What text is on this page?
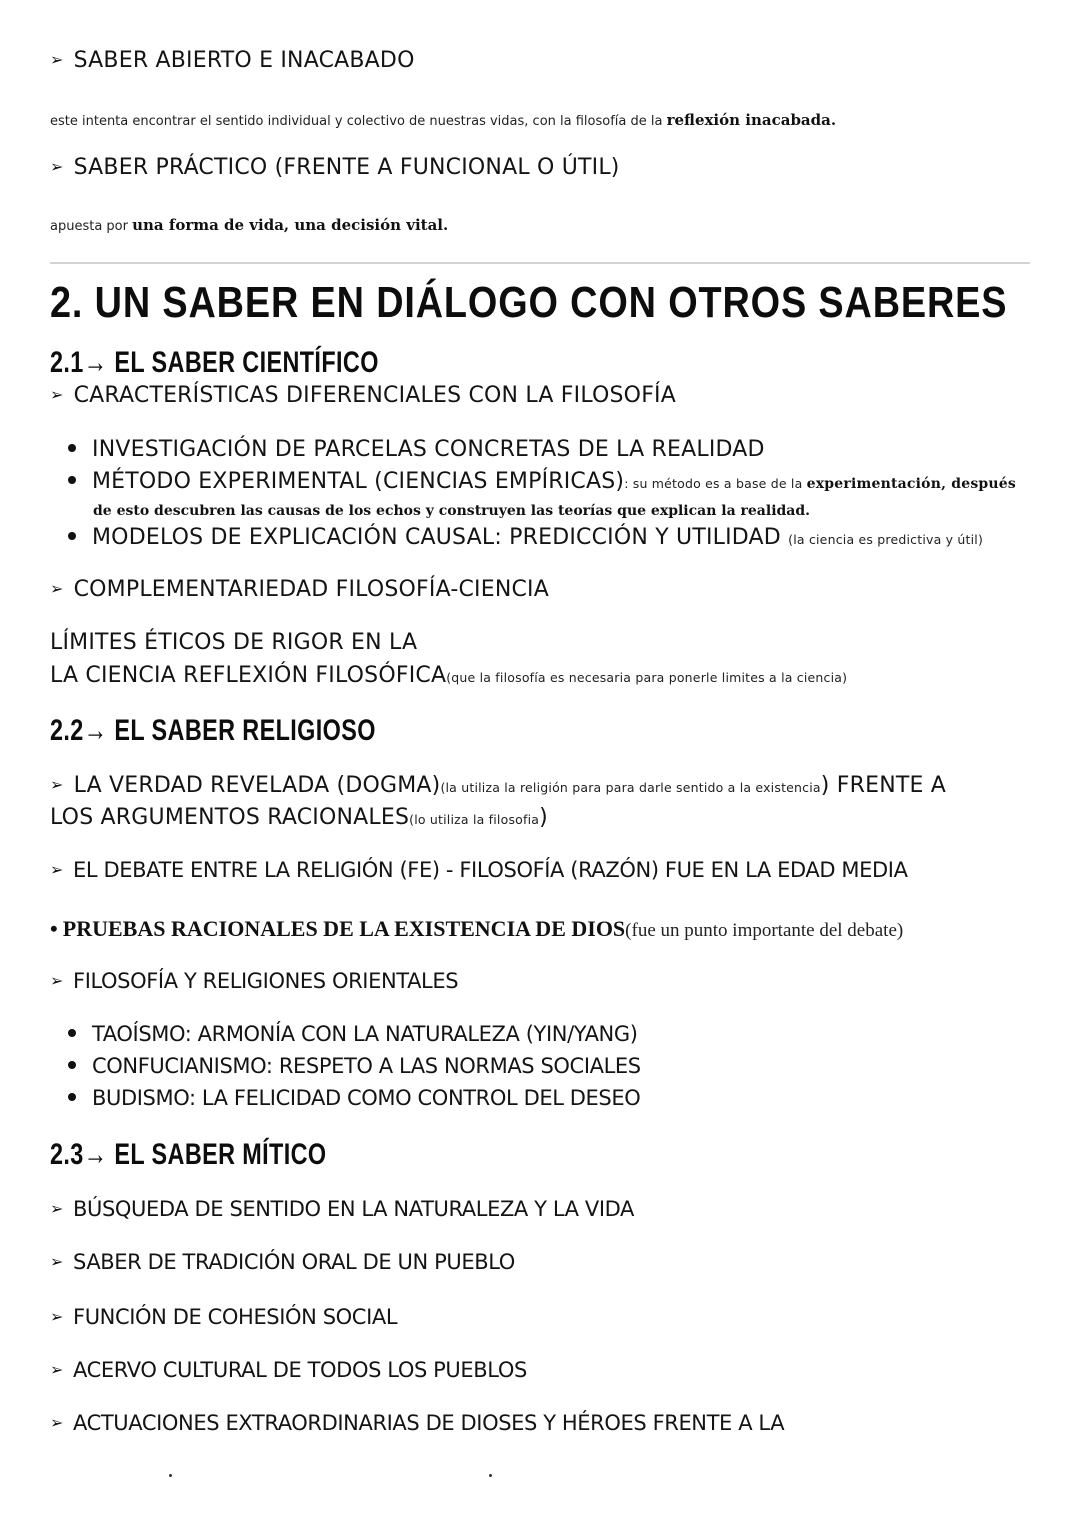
➢ SABER ABIERTO E INACABADO
este intenta encontrar el sentido individual y colectivo de nuestras vidas, con la filosofía de la reflexión inacabada.
➢ SABER PRÁCTICO (FRENTE A FUNCIONAL O ÚTIL)
apuesta por una forma de vida, una decisión vital.
2. UN SABER EN DIÁLOGO CON OTROS SABERES
2.1→ EL SABER CIENTÍFICO
➢ CARACTERÍSTICAS DIFERENCIALES CON LA FILOSOFÍA
INVESTIGACIÓN DE PARCELAS CONCRETAS DE LA REALIDAD
MÉTODO EXPERIMENTAL (CIENCIAS EMPÍRICAS): su método es a base de la experimentación, después
de esto descubren las causas de los echos y construyen las teorías que explican la realidad.
MODELOS DE EXPLICACIÓN CAUSAL: PREDICCIÓN Y UTILIDAD (la ciencia es predictiva y útil)
➢ COMPLEMENTARIEDAD FILOSOFÍA-CIENCIA
LÍMITES ÉTICOS DE RIGOR EN LA
LA CIENCIA REFLEXIÓN FILOSÓFICA(que la filosofía es necesaria para ponerle limites a la ciencia)
2.2→ EL SABER RELIGIOSO
➢ LA VERDAD REVELADA (DOGMA)(la utiliza la religión para para darle sentido a la existencia) FRENTE A
LOS ARGUMENTOS RACIONALES(lo utiliza la filosofia)
➢ EL DEBATE ENTRE LA RELIGIÓN (FE) - FILOSOFÍA (RAZÓN) FUE EN LA EDAD MEDIA
• PRUEBAS RACIONALES DE LA EXISTENCIA DE DIOS(fue un punto importante del debate)
➢ FILOSOFÍA Y RELIGIONES ORIENTALES
TAOÍSMO: ARMONÍA CON LA NATURALEZA (YIN/YANG)
CONFUCIANISMO: RESPETO A LAS NORMAS SOCIALES
BUDISMO: LA FELICIDAD COMO CONTROL DEL DESEO
2.3→ EL SABER MÍTICO
➢ BÚSQUEDA DE SENTIDO EN LA NATURALEZA Y LA VIDA
➢ SABER DE TRADICIÓN ORAL DE UN PUEBLO
➢ FUNCIÓN DE COHESIÓN SOCIAL
➢ ACERVO CULTURAL DE TODOS LOS PUEBLOS
➢ ACTUACIONES EXTRAORDINARIAS DE DIOSES Y HÉROES FRENTE A LA
